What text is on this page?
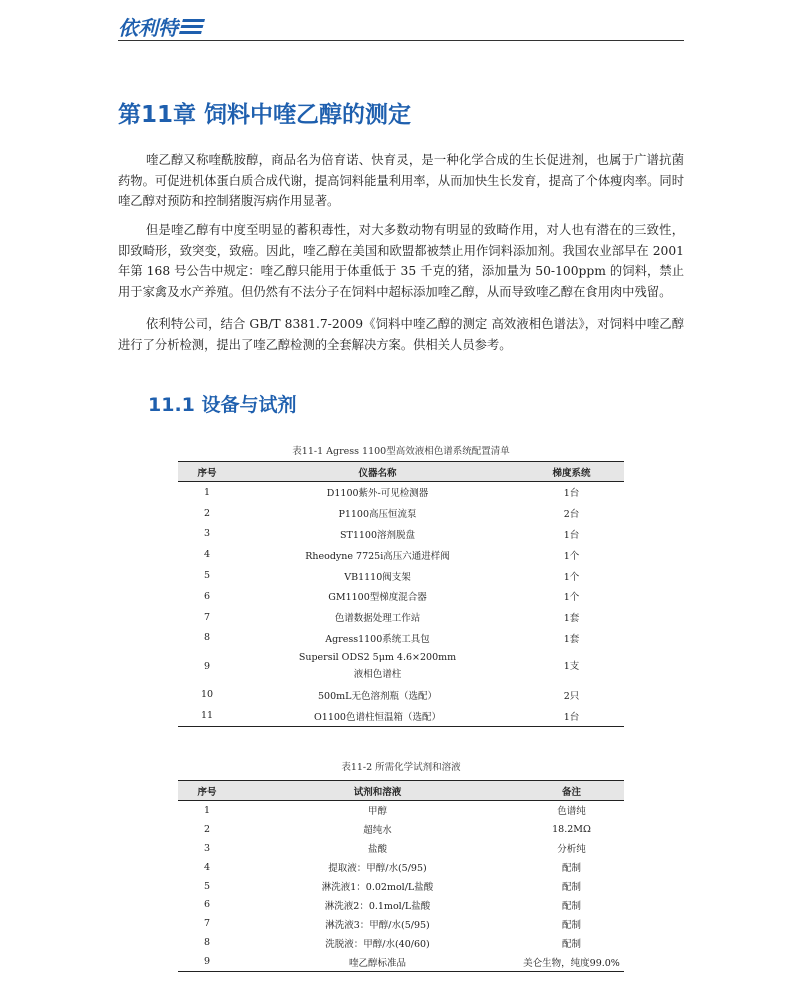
依利特
第11章 饲料中喹乙醇的测定

喹乙醇又称喹酰胺醇，商品名为倍育诺、快育灵，是一种化学合成的生长促进剂，也属于广谱抗菌药物。可促进机体蛋白质合成代谢，提高饲料能量利用率，从而加快生长发育，提高了个体瘦肉率。同时喹乙醇对预防和控制猪腹泻病作用显著。

但是喹乙醇有中度至明显的蓄积毒性，对大多数动物有明显的致畸作用，对人也有潜在的三致性，即致畸形，致突变，致癌。因此，喹乙醇在美国和欧盟都被禁止用作饲料添加剂。我国农业部早在 2001 年第 168 号公告中规定：喹乙醇只能用于体重低于 35 千克的猪，添加量为 50-100ppm 的饲料，禁止用于家禽及水产养殖。但仍然有不法分子在饲料中超标添加喹乙醇，从而导致喹乙醇在食用肉中残留。

依利特公司，结合 GB/T 8381.7-2009《饲料中喹乙醇的测定 高效液相色谱法》，对饲料中喹乙醇进行了分析检测，提出了喹乙醇检测的全套解决方案。供相关人员参考。

11.1 设备与试剂
表11-1 Agress 1100型高效液相色谱系统配置清单
序号	仪器名称	梯度系统
1	D1100紫外-可见检测器	1台
2	P1100高压恒流泵	2台
3	ST1100溶剂脱盘	1台
4	Rheodyne 7725i高压六通进样阀	1个
5	VB1110阀支架	1个
6	GM1100型梯度混合器	1个
7	色谱数据处理工作站	1套
8	Agress1100系统工具包	1套
9	Supersil ODS2 5μm 4.6×200mm
液相色谱柱	1支
10	500mL无色溶剂瓶（选配）	2只
11	O1100色谱柱恒温箱（选配）	1台
表11-2 所需化学试剂和溶液
序号	试剂和溶液	备注
1	甲醇	色谱纯
2	超纯水	18.2MΩ
3	盐酸	分析纯
4	提取液：甲醇/水(5/95)	配制
5	淋洗液1：0.02mol/L盐酸	配制
6	淋洗液2：0.1mol/L盐酸	配制
7	淋洗液3：甲醇/水(5/95)	配制
8	洗脱液：甲醇/水(40/60)	配制
9	喹乙醇标准品	美仑生物，纯度99.0%
